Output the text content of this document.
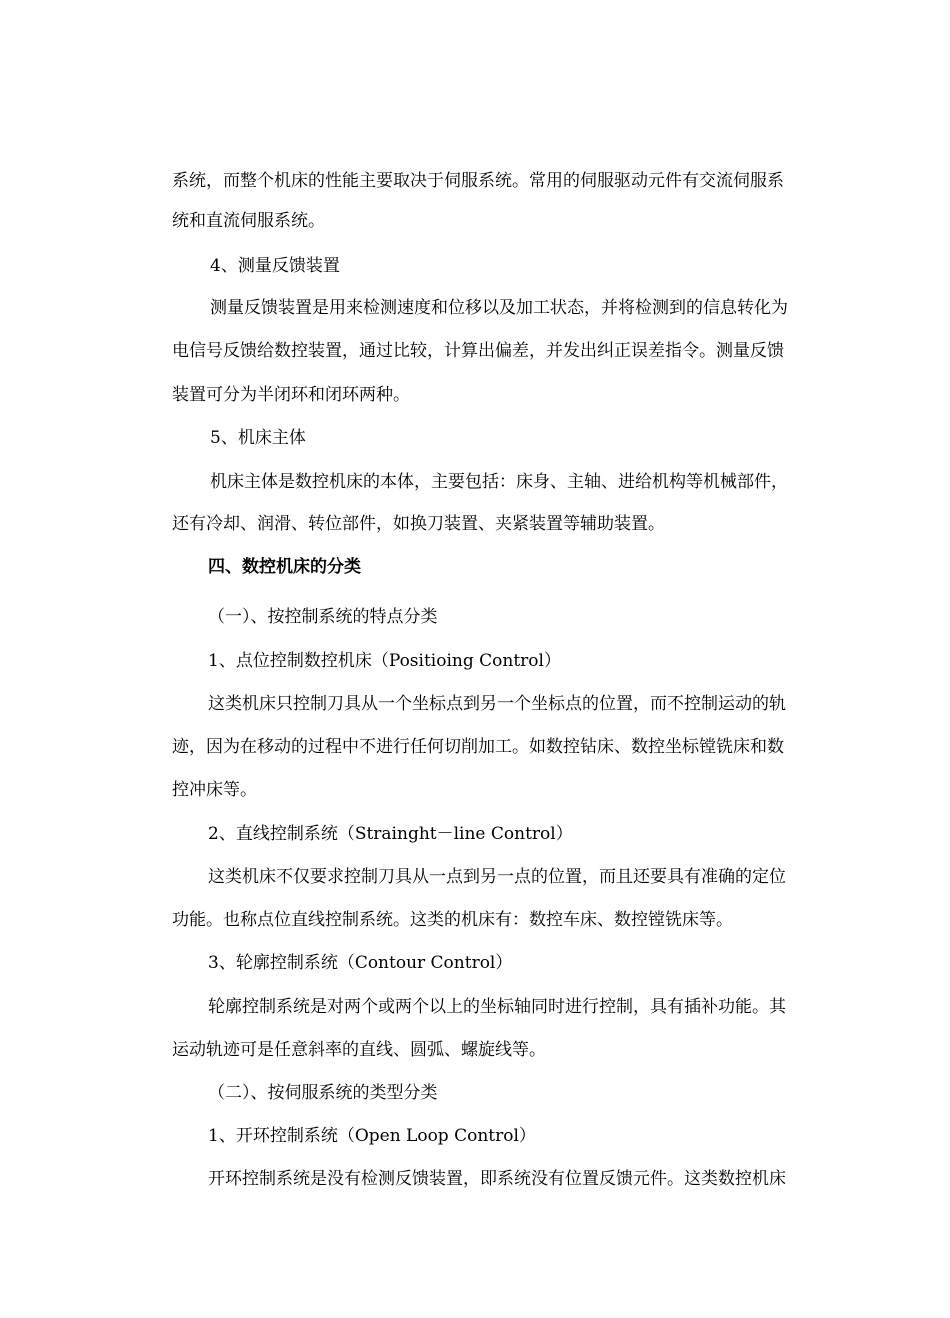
系统，而整个机床的性能主要取决于伺服系统。常用的伺服驱动元件有交流伺服系
统和直流伺服系统。
4、测量反馈装置
测量反馈装置是用来检测速度和位移以及加工状态，并将检测到的信息转化为
电信号反馈给数控装置，通过比较，计算出偏差，并发出纠正误差指令。测量反馈
装置可分为半闭环和闭环两种。
5、机床主体
机床主体是数控机床的本体，主要包括：床身、主轴、进给机构等机械部件，
还有冷却、润滑、转位部件，如换刀装置、夹紧装置等辅助装置。
四、数控机床的分类
（一）、按控制系统的特点分类
1、点位控制数控机床（Positioing Control）
这类机床只控制刀具从一个坐标点到另一个坐标点的位置，而不控制运动的轨
迹，因为在移动的过程中不进行任何切削加工。如数控钻床、数控坐标镗铣床和数
控冲床等。
2、直线控制系统（Strainght－line Control）
这类机床不仅要求控制刀具从一点到另一点的位置，而且还要具有准确的定位
功能。也称点位直线控制系统。这类的机床有：数控车床、数控镗铣床等。
3、轮廓控制系统（Contour Control）
轮廓控制系统是对两个或两个以上的坐标轴同时进行控制，具有插补功能。其
运动轨迹可是任意斜率的直线、圆弧、螺旋线等。
（二）、按伺服系统的类型分类
1、开环控制系统（Open Loop Control）
开环控制系统是没有检测反馈装置，即系统没有位置反馈元件。这类数控机床
